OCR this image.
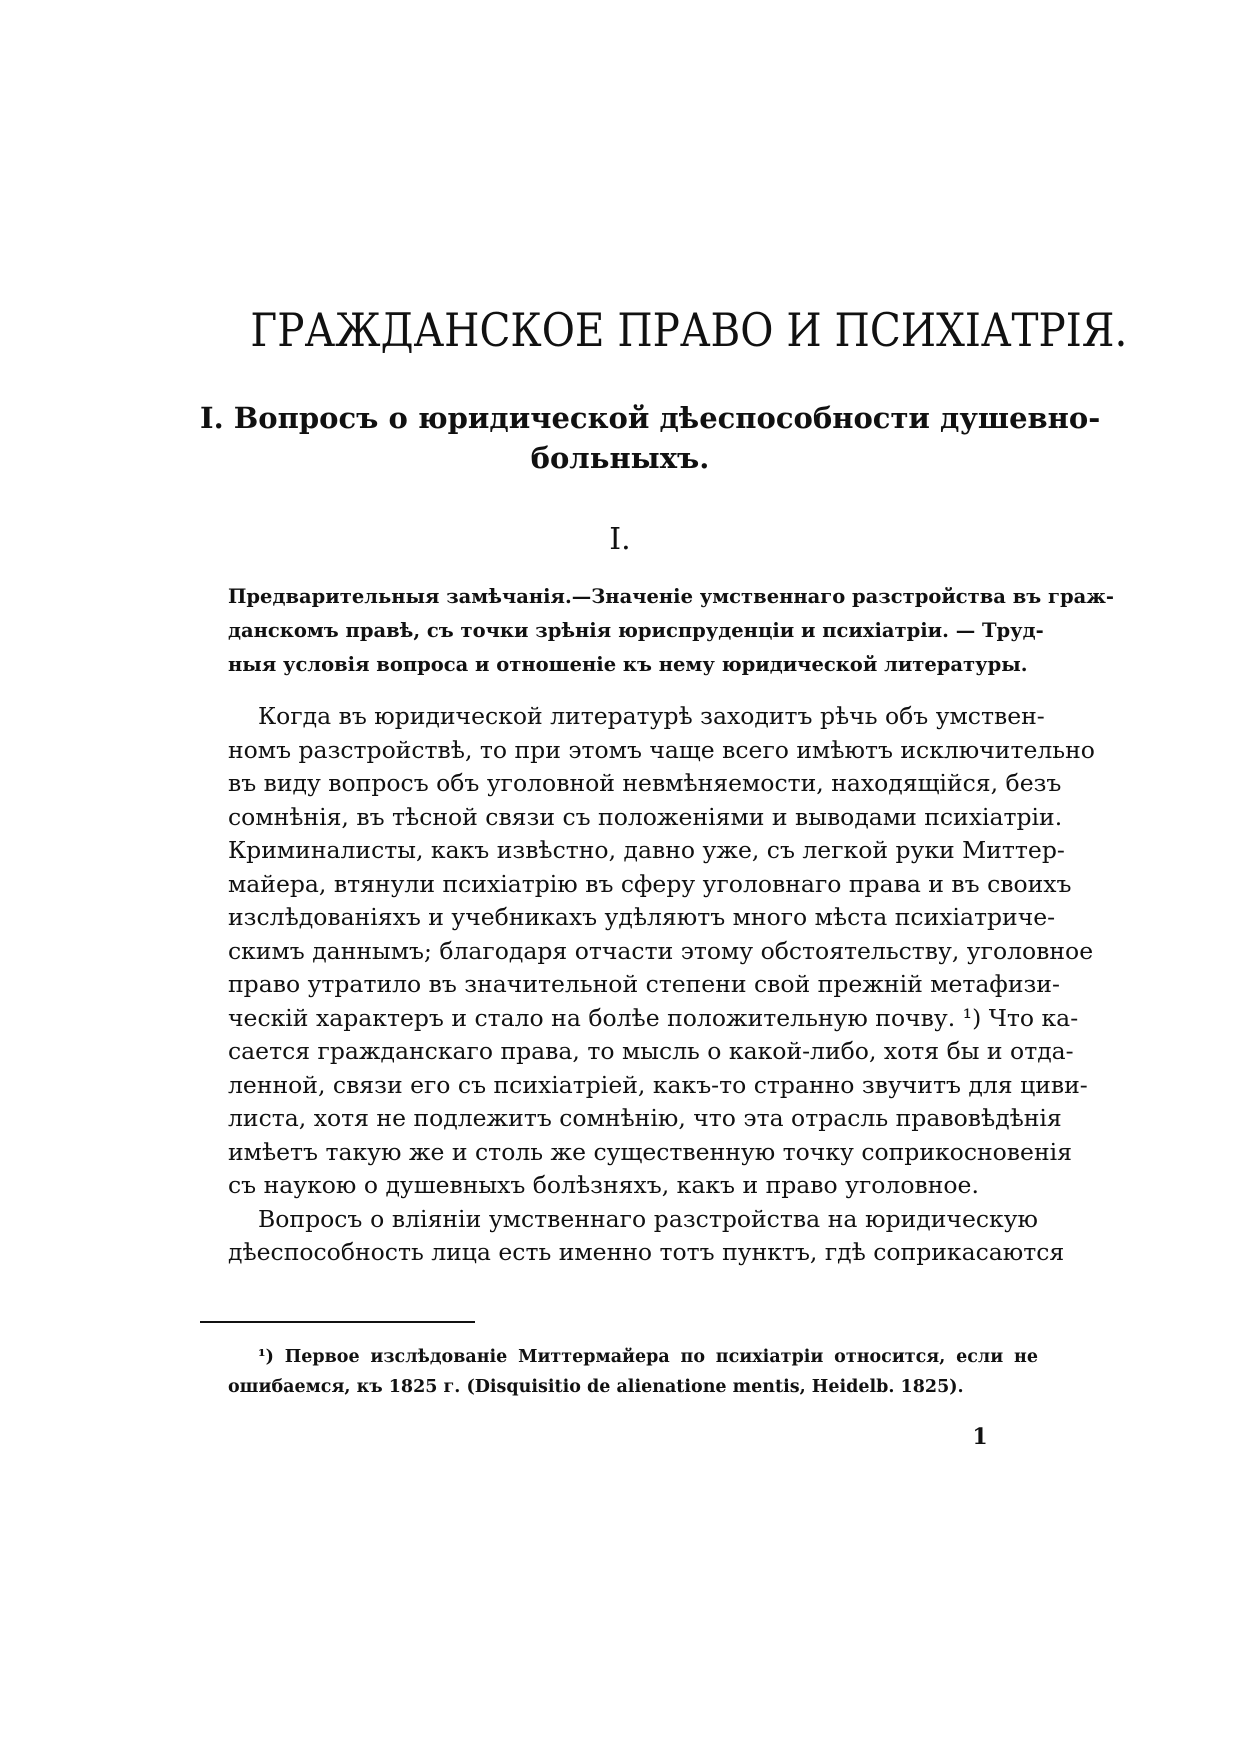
ГРАЖДАНСКОЕ ПРАВО И ПСИХІАТРІЯ.
I. Вопросъ о юридической дѣеспособности душевно-
больныхъ.
I.
Предварительныя замѣчанія.—Значеніе умственнаго разстройства въ граж-
данскомъ правѣ, съ точки зрѣнія юриспруденціи и психіатріи. — Труд-
ныя условія вопроса и отношеніе къ нему юридической литературы.
Когда въ юридической литературѣ заходитъ рѣчь объ умствен-
номъ разстройствѣ, то при этомъ чаще всего имѣютъ исключительно
въ виду вопросъ объ уголовной невмѣняемости, находящійся, безъ
сомнѣнія, въ тѣсной связи съ положеніями и выводами психіатріи.
Криминалисты, какъ извѣстно, давно уже, съ легкой руки Миттер-
майера, втянули психіатрію въ сферу уголовнаго права и въ своихъ
изслѣдованіяхъ и учебникахъ удѣляютъ много мѣста психіатриче-
скимъ даннымъ; благодаря отчасти этому обстоятельству, уголовное
право утратило въ значительной степени свой прежній метафизи-
ческій характеръ и стало на болѣе положительную почву. ¹) Что ка-
сается гражданскаго права, то мысль о какой-либо, хотя бы и отда-
ленной, связи его съ психіатріей, какъ-то странно звучитъ для циви-
листа, хотя не подлежитъ сомнѣнію, что эта отрасль правовѣдѣнія
имѣетъ такую же и столь же существенную точку соприкосновенія
съ наукою о душевныхъ болѣзняхъ, какъ и право уголовное.
Вопросъ о вліяніи умственнаго разстройства на юридическую
дѣеспособность лица есть именно тотъ пунктъ, гдѣ соприкасаются
¹) Первое изслѣдованіе Миттермайера по психіатріи относится, если не
ошибаемся, къ 1825 г. (Disquisitio de alienatione mentis, Heidelb. 1825).
1
